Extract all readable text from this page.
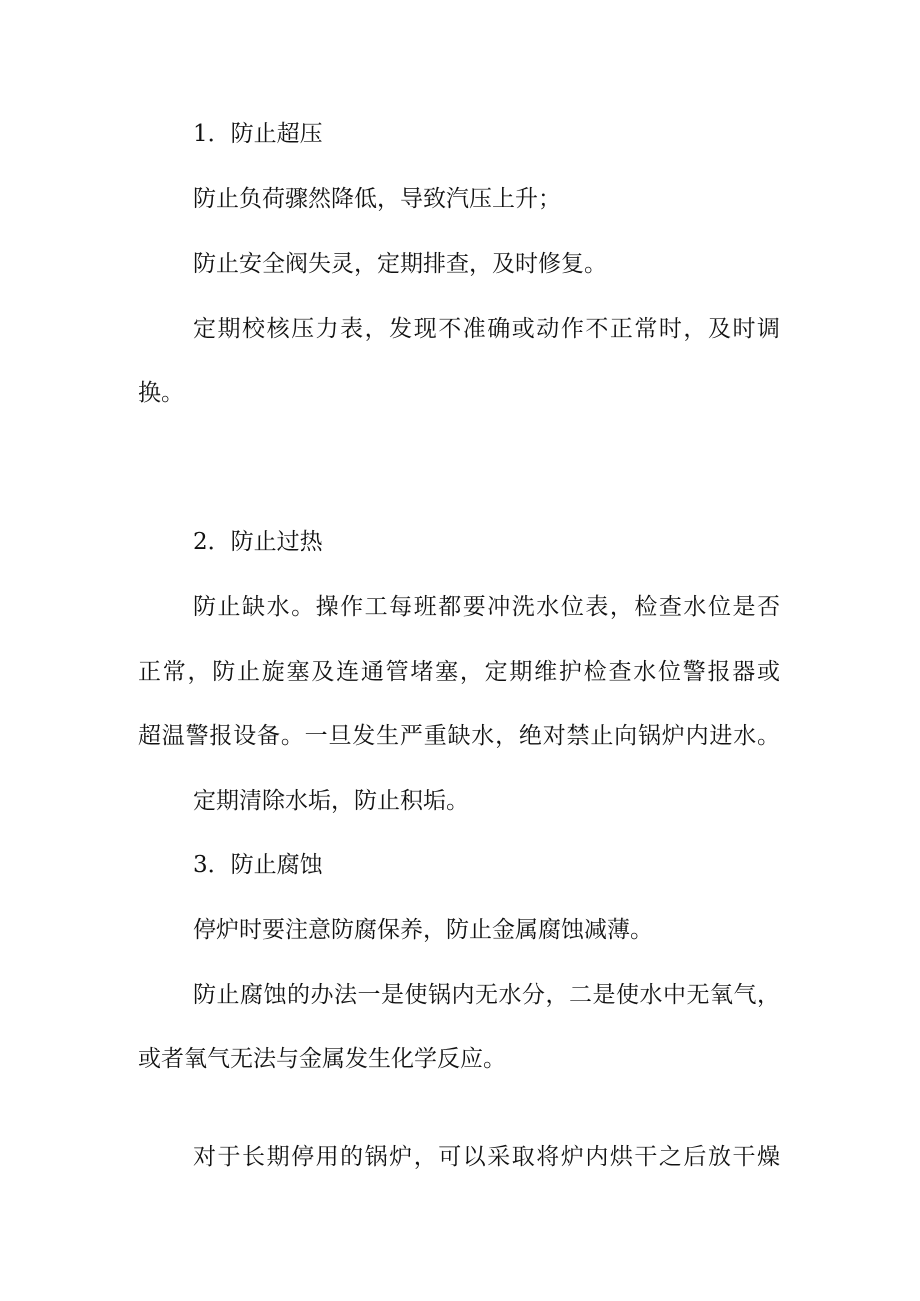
1．防止超压
防止负荷骤然降低，导致汽压上升；
防止安全阀失灵，定期排查，及时修复。
定期校核压力表，发现不准确或动作不正常时，及时调
换。
2．防止过热
防止缺水。操作工每班都要冲洗水位表，检查水位是否
正常，防止旋塞及连通管堵塞，定期维护检查水位警报器或
超温警报设备。一旦发生严重缺水，绝对禁止向锅炉内进水。
定期清除水垢，防止积垢。
3．防止腐蚀
停炉时要注意防腐保养，防止金属腐蚀减薄。
防止腐蚀的办法一是使锅内无水分，二是使水中无氧气，
或者氧气无法与金属发生化学反应。
对于长期停用的锅炉，可以采取将炉内烘干之后放干燥
